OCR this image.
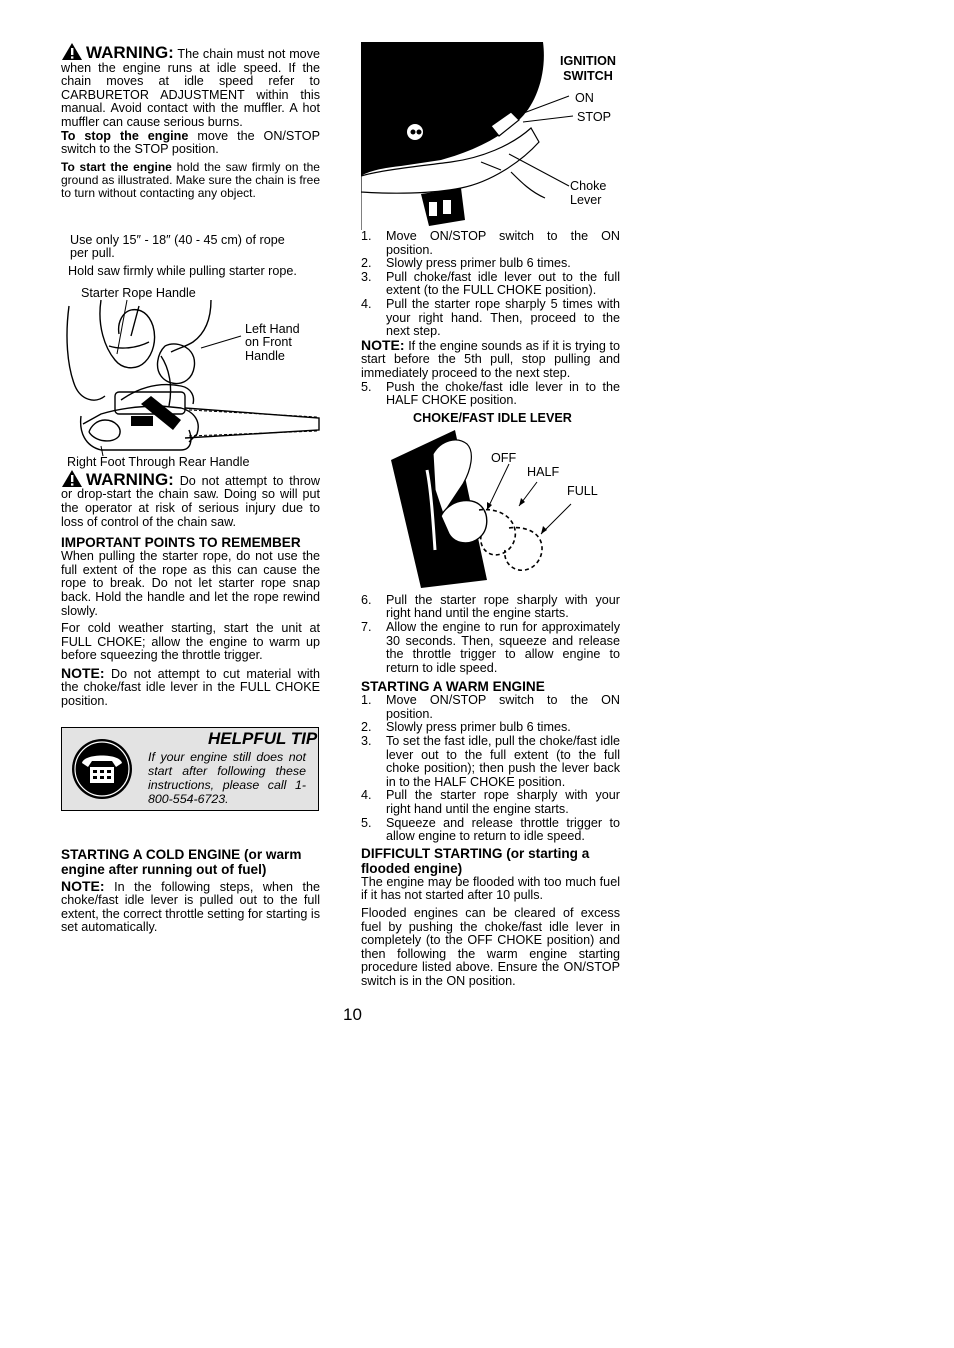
WARNING: The chain must not move when the engine runs at idle speed. If the chain moves at idle speed refer to CARBURETOR ADJUSTMENT within this manual. Avoid contact with the muffler. A hot muffler can cause serious burns.
To stop the engine move the ON/STOP switch to the STOP position.

To start the engine hold the saw firmly on the ground as illustrated. Make sure the chain is free to turn without contacting any object.

Use only 15″ - 18″ (40 - 45 cm) of rope per pull.
Hold saw firmly while pulling starter rope.
Starter Rope Handle
Left Hand on Front Handle
Right Foot Through Rear Handle

WARNING: Do not attempt to throw or drop-start the chain saw. Doing so will put the operator at risk of serious injury due to loss of control of the chain saw.

IMPORTANT POINTS TO REMEMBER

When pulling the starter rope, do not use the full extent of the rope as this can cause the rope to break. Do not let starter rope snap back. Hold the handle and let the rope rewind slowly.

For cold weather starting, start the unit at FULL CHOKE; allow the engine to warm up before squeezing the throttle trigger.

NOTE: Do not attempt to cut material with the choke/fast idle lever in the FULL CHOKE position.

HELPFUL TIP
If your engine still does not start after following these instructions, please call 1-800-554-6723.
STARTING A COLD ENGINE (or warm engine after running out of fuel)

NOTE: In the following steps, when the choke/fast idle lever is pulled out to the full extent, the correct throttle setting for starting is set automatically.

IGNITION SWITCH
ON
STOP
Choke Lever
1. Move ON/STOP switch to the ON position.
2. Slowly press primer bulb 6 times.
3. Pull choke/fast idle lever out to the full extent (to the FULL CHOKE position).
4. Pull the starter rope sharply 5 times with your right hand. Then, proceed to the next step.

NOTE: If the engine sounds as if it is trying to start before the 5th pull, stop pulling and immediately proceed to the next step.

5. Push the choke/fast idle lever in to the HALF CHOKE position.
CHOKE/FAST IDLE LEVER
OFF
HALF
FULL
6. Pull the starter rope sharply with your right hand until the engine starts.
7. Allow the engine to run for approximately 30 seconds. Then, squeeze and release the throttle trigger to allow engine to return to idle speed.
STARTING A WARM ENGINE
1. Move ON/STOP switch to the ON position.
2. Slowly press primer bulb 6 times.
3. To set the fast idle, pull the choke/fast idle lever out to the full extent (to the full choke position); then push the lever back in to the HALF CHOKE position.
4. Pull the starter rope sharply with your right hand until the engine starts.
5. Squeeze and release throttle trigger to allow engine to return to idle speed.
DIFFICULT STARTING (or starting a flooded engine)

The engine may be flooded with too much fuel if it has not started after 10 pulls.

Flooded engines can be cleared of excess fuel by pushing the choke/fast idle lever in completely (to the OFF CHOKE position) and then following the warm engine starting procedure listed above. Ensure the ON/STOP switch is in the ON position.

10
